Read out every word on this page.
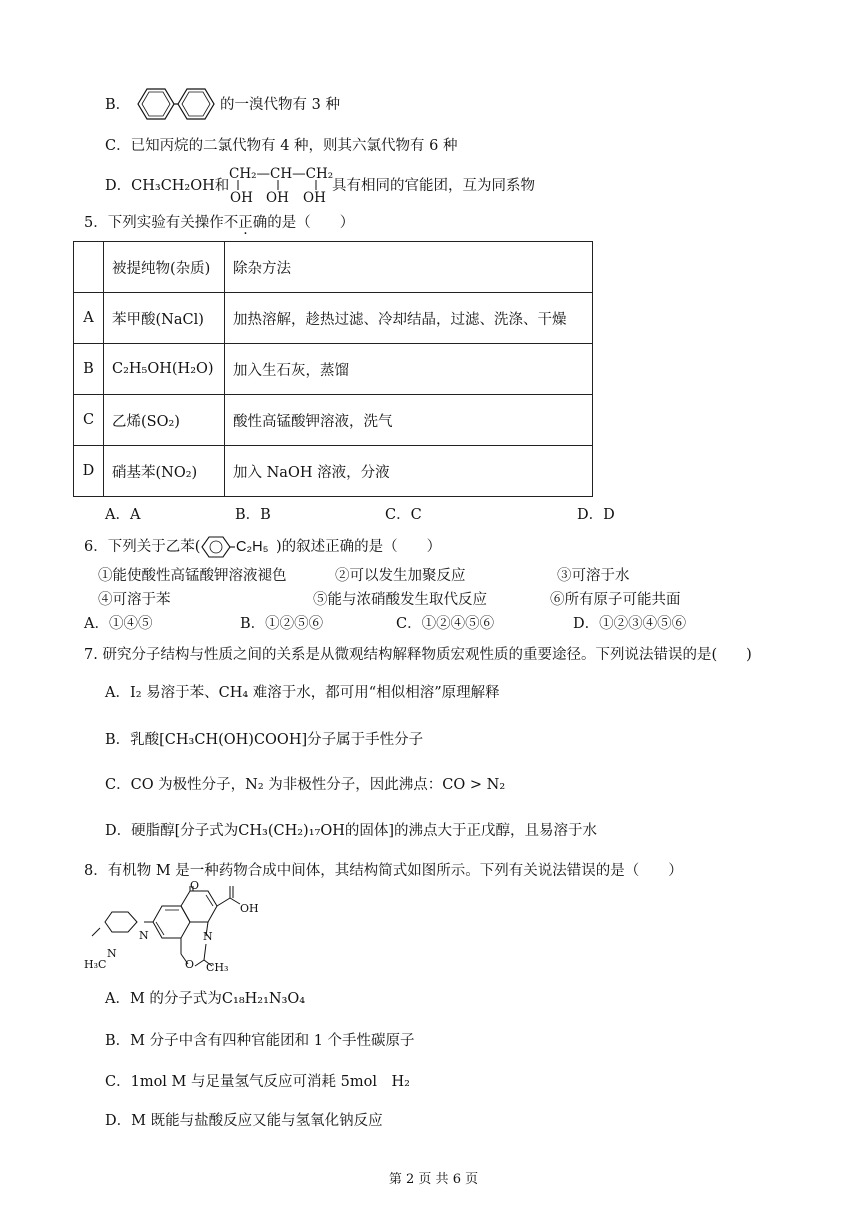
B．	的一溴代物有 3 种
C．已知丙烷的二氯代物有 4 种，则其六氯代物有 6 种
D．CH₃CH₂OH和
CH₂—CH—CH₂
OH OH OH
具有相同的官能团，互为同系物
5．下列实验有关操作不正确的是（　　）
	被提纯物(杂质)	除杂方法
A	苯甲酸(NaCl)	加热溶解，趁热过滤、冷却结晶，过滤、洗涤、干燥
B	C₂H₅OH(H₂O)	加入生石灰，蒸馏
C	乙烯(SO₂)	酸性高锰酸钾溶液，洗气
D	硝基苯(NO₂)	加入 NaOH 溶液，分液
A．A	B．B	C．C	D．D
6．下列关于乙苯( C₂H₅ )的叙述正确的是（　　）
①能使酸性高锰酸钾溶液褪色	②可以发生加聚反应	③可溶于水
④可溶于苯	⑤能与浓硝酸发生取代反应	⑥所有原子可能共面
A．①④⑤	B．①②⑤⑥	C．①②④⑤⑥	D．①②③④⑤⑥
7. 研究分子结构与性质之间的关系是从微观结构解释物质宏观性质的重要途径。下列说法错误的是(　　)
A．I₂ 易溶于苯、CH₄ 难溶于水，都可用“相似相溶”原理解释
B．乳酸[CH₃CH(OH)COOH]分子属于手性分子
C．CO 为极性分子，N₂ 为非极性分子，因此沸点：CO > N₂
D．硬脂醇[分子式为CH₃(CH₂)₁₇OH的固体]的沸点大于正戊醇，且易溶于水
8．有机物 M 是一种药物合成中间体，其结构简式如图所示。下列有关说法错误的是（　　）
O
OH
N
N
N
O
H₃C	CH₃
A．M 的分子式为C₁₈H₂₁N₃O₄
B．M 分子中含有四种官能团和 1 个手性碳原子
C．1mol M 与足量氢气反应可消耗 5mol　H₂
D．M 既能与盐酸反应又能与氢氧化钠反应
第 2 页 共 6 页
